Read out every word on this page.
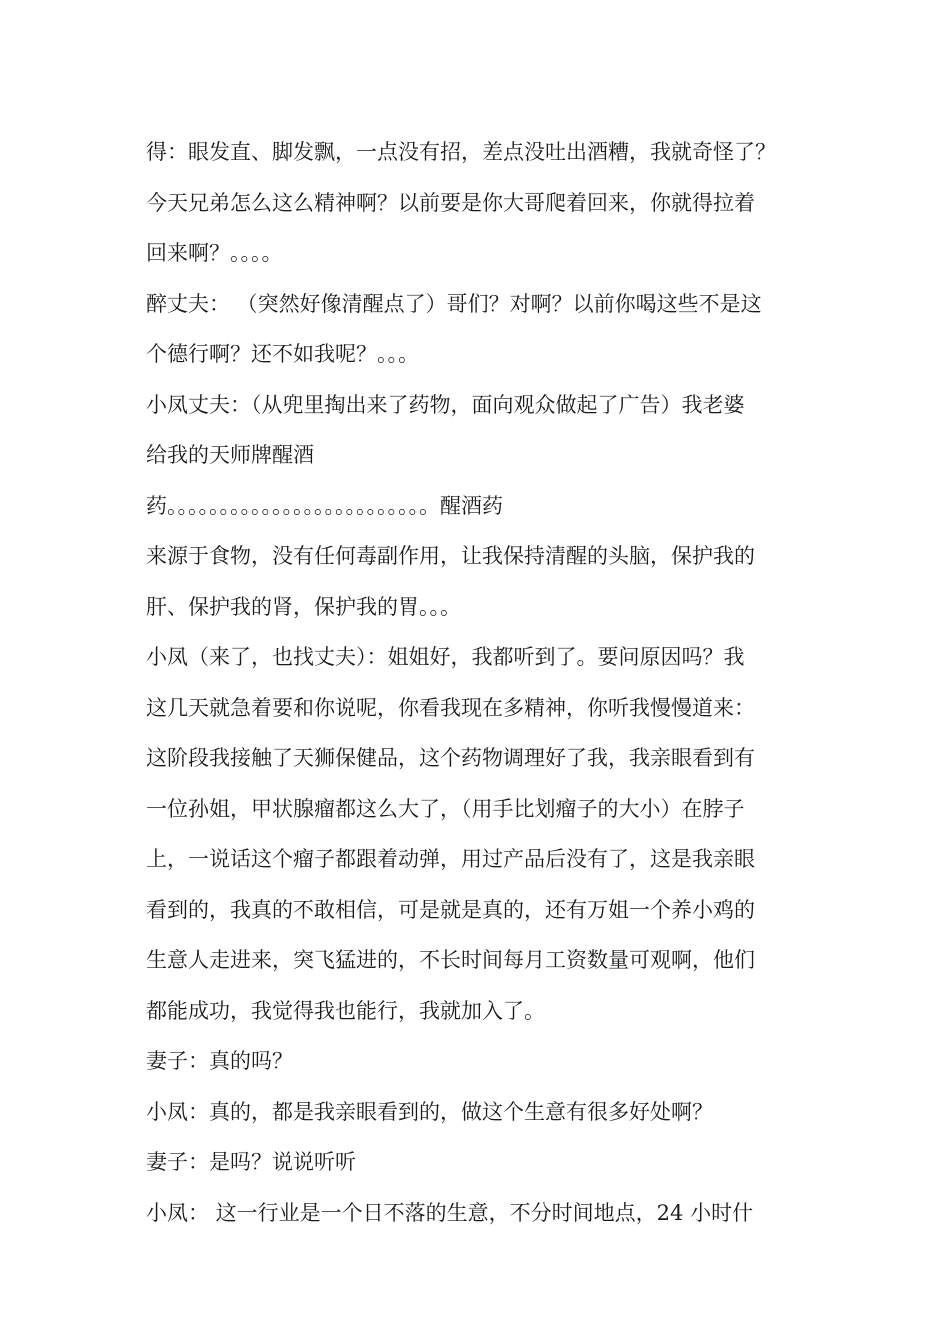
得：眼发直、脚发飘，一点没有招，差点没吐出酒糟，我就奇怪了？
今天兄弟怎么这么精神啊？以前要是你大哥爬着回来，你就得拉着
回来啊？。。。。
醉丈夫： （突然好像清醒点了）哥们？对啊？以前你喝这些不是这
个德行啊？还不如我呢？。。。
小凤丈夫：（从兜里掏出来了药物，面向观众做起了广告）我老婆
给我的天师牌醒酒
药。。。。。。。。。。。。。。。。。。。。。。。。。醒酒药
来源于食物，没有任何毒副作用，让我保持清醒的头脑，保护我的
肝、保护我的肾，保护我的胃。。。
小凤（来了，也找丈夫）：姐姐好，我都听到了。要问原因吗？我
这几天就急着要和你说呢，你看我现在多精神，你听我慢慢道来：
这阶段我接触了天狮保健品，这个药物调理好了我，我亲眼看到有
一位孙姐，甲状腺瘤都这么大了，（用手比划瘤子的大小）在脖子
上，一说话这个瘤子都跟着动弹，用过产品后没有了，这是我亲眼
看到的，我真的不敢相信，可是就是真的，还有万姐一个养小鸡的
生意人走进来，突飞猛进的，不长时间每月工资数量可观啊，他们
都能成功，我觉得我也能行，我就加入了。
妻子：真的吗？
小凤：真的，都是我亲眼看到的，做这个生意有很多好处啊？
妻子：是吗？说说听听
小凤： 这一行业是一个日不落的生意，不分时间地点，24 小时什
